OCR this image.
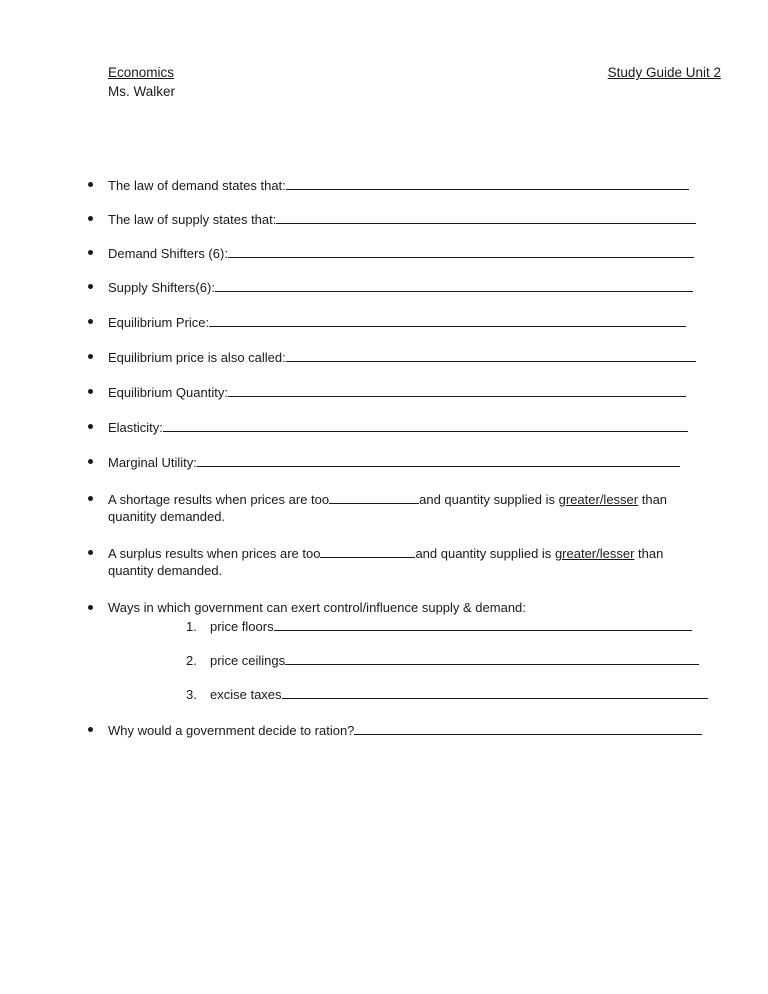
Economics	Study Guide Unit 2
Ms. Walker
The law of demand states that:
The law of supply states that:
Demand Shifters (6):
Supply Shifters(6):
Equilibrium Price:
Equilibrium price is also called:
Equilibrium Quantity:
Elasticity:
Marginal Utility:
A shortage results when prices are too	and quantity supplied is greater/lesser than
quanitity demanded.
A surplus results when prices are too	and quantity supplied is greater/lesser than
quantity demanded.
Ways in which government can exert control/influence supply & demand:
1. price floors
2. price ceilings
3. excise taxes
Why would a government decide to ration?
